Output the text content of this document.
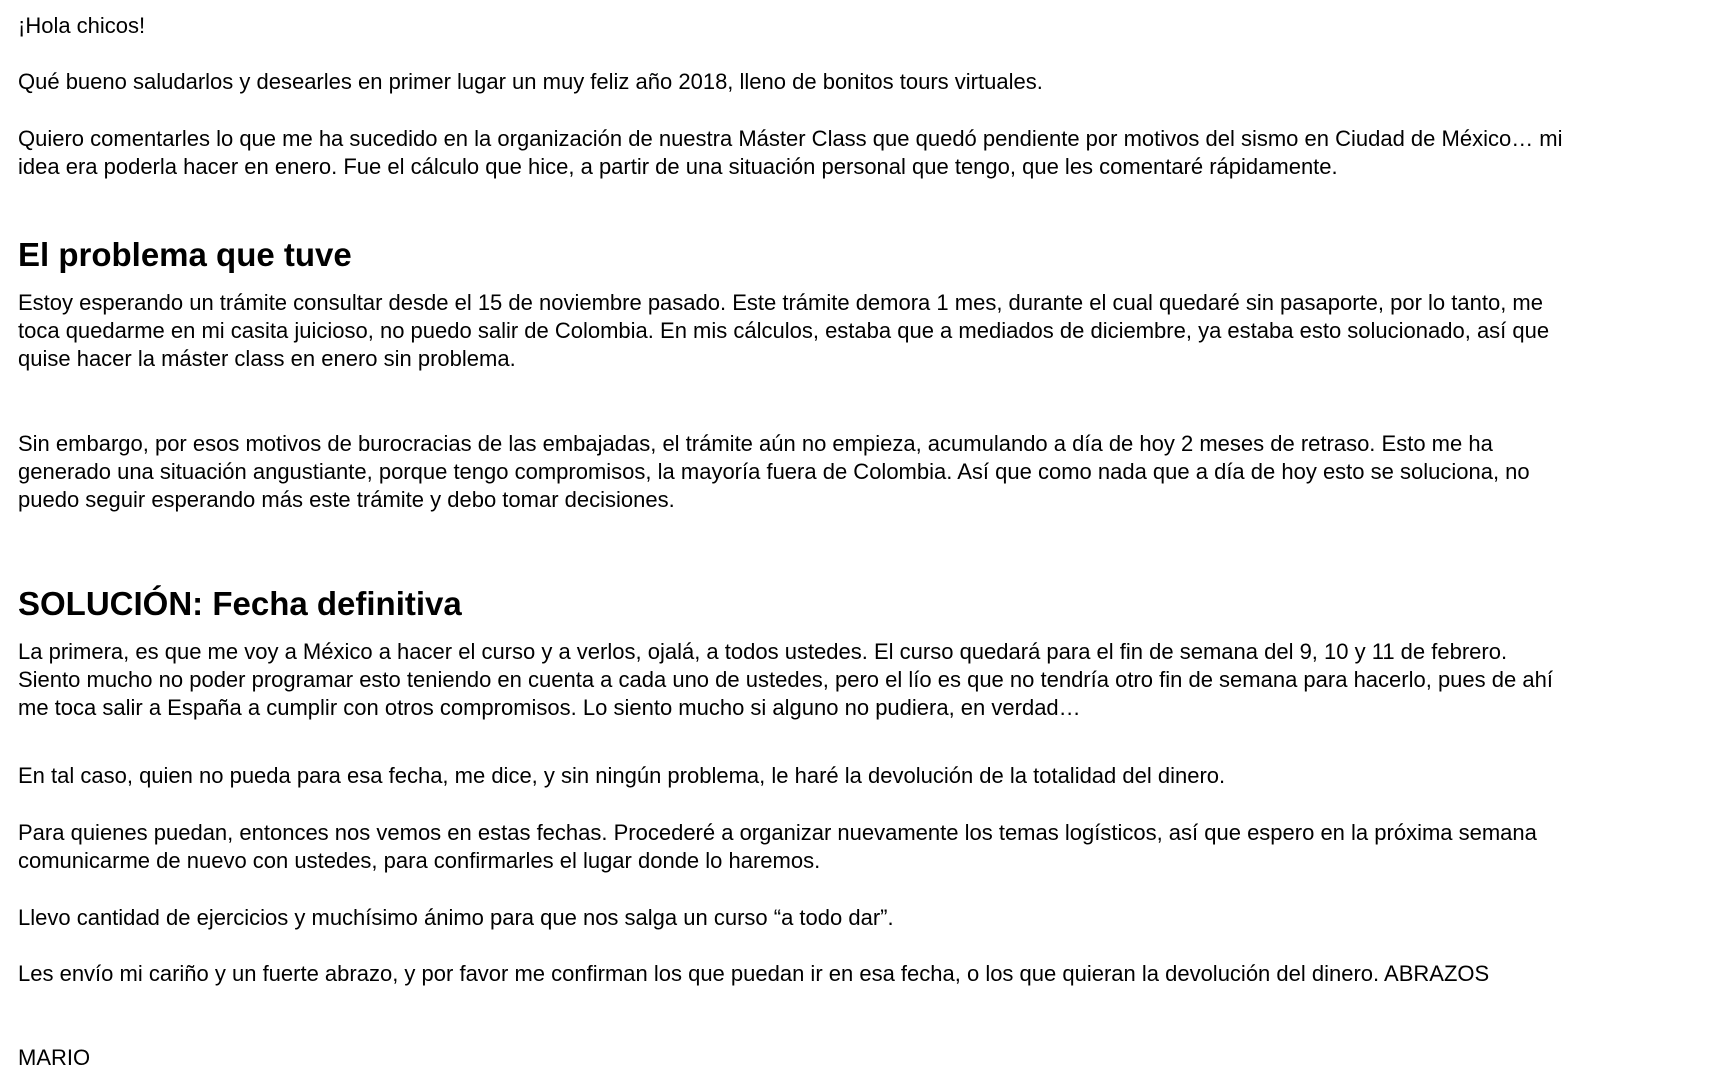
¡Hola chicos!

Qué bueno saludarlos y desearles en primer lugar un muy feliz año 2018, lleno de bonitos tours virtuales.

Quiero comentarles lo que me ha sucedido en la organización de nuestra Máster Class que quedó pendiente por motivos del sismo en Ciudad de México… mi

idea era poderla hacer en enero. Fue el cálculo que hice, a partir de una situación personal que tengo, que les comentaré rápidamente.

El problema que tuve

Estoy esperando un trámite consultar desde el 15 de noviembre pasado. Este trámite demora 1 mes, durante el cual quedaré sin pasaporte, por lo tanto, me

toca quedarme en mi casita juicioso, no puedo salir de Colombia. En mis cálculos, estaba que a mediados de diciembre, ya estaba esto solucionado, así que

quise hacer la máster class en enero sin problema.

Sin embargo, por esos motivos de burocracias de las embajadas, el trámite aún no empieza, acumulando a día de hoy 2 meses de retraso. Esto me ha

generado una situación angustiante, porque tengo compromisos, la mayoría fuera de Colombia. Así que como nada que a día de hoy esto se soluciona, no

puedo seguir esperando más este trámite y debo tomar decisiones.

SOLUCIÓN: Fecha definitiva

La primera, es que me voy a México a hacer el curso y a verlos, ojalá, a todos ustedes. El curso quedará para el fin de semana del 9, 10 y 11 de febrero.

Siento mucho no poder programar esto teniendo en cuenta a cada uno de ustedes, pero el lío es que no tendría otro fin de semana para hacerlo, pues de ahí

me toca salir a España a cumplir con otros compromisos. Lo siento mucho si alguno no pudiera, en verdad…

En tal caso, quien no pueda para esa fecha, me dice, y sin ningún problema, le haré la devolución de la totalidad del dinero.

Para quienes puedan, entonces nos vemos en estas fechas. Procederé a organizar nuevamente los temas logísticos, así que espero en la próxima semana

comunicarme de nuevo con ustedes, para confirmarles el lugar donde lo haremos.

Llevo cantidad de ejercicios y muchísimo ánimo para que nos salga un curso “a todo dar”.

Les envío mi cariño y un fuerte abrazo, y por favor me confirman los que puedan ir en esa fecha, o los que quieran la devolución del dinero. ABRAZOS

MARIO
